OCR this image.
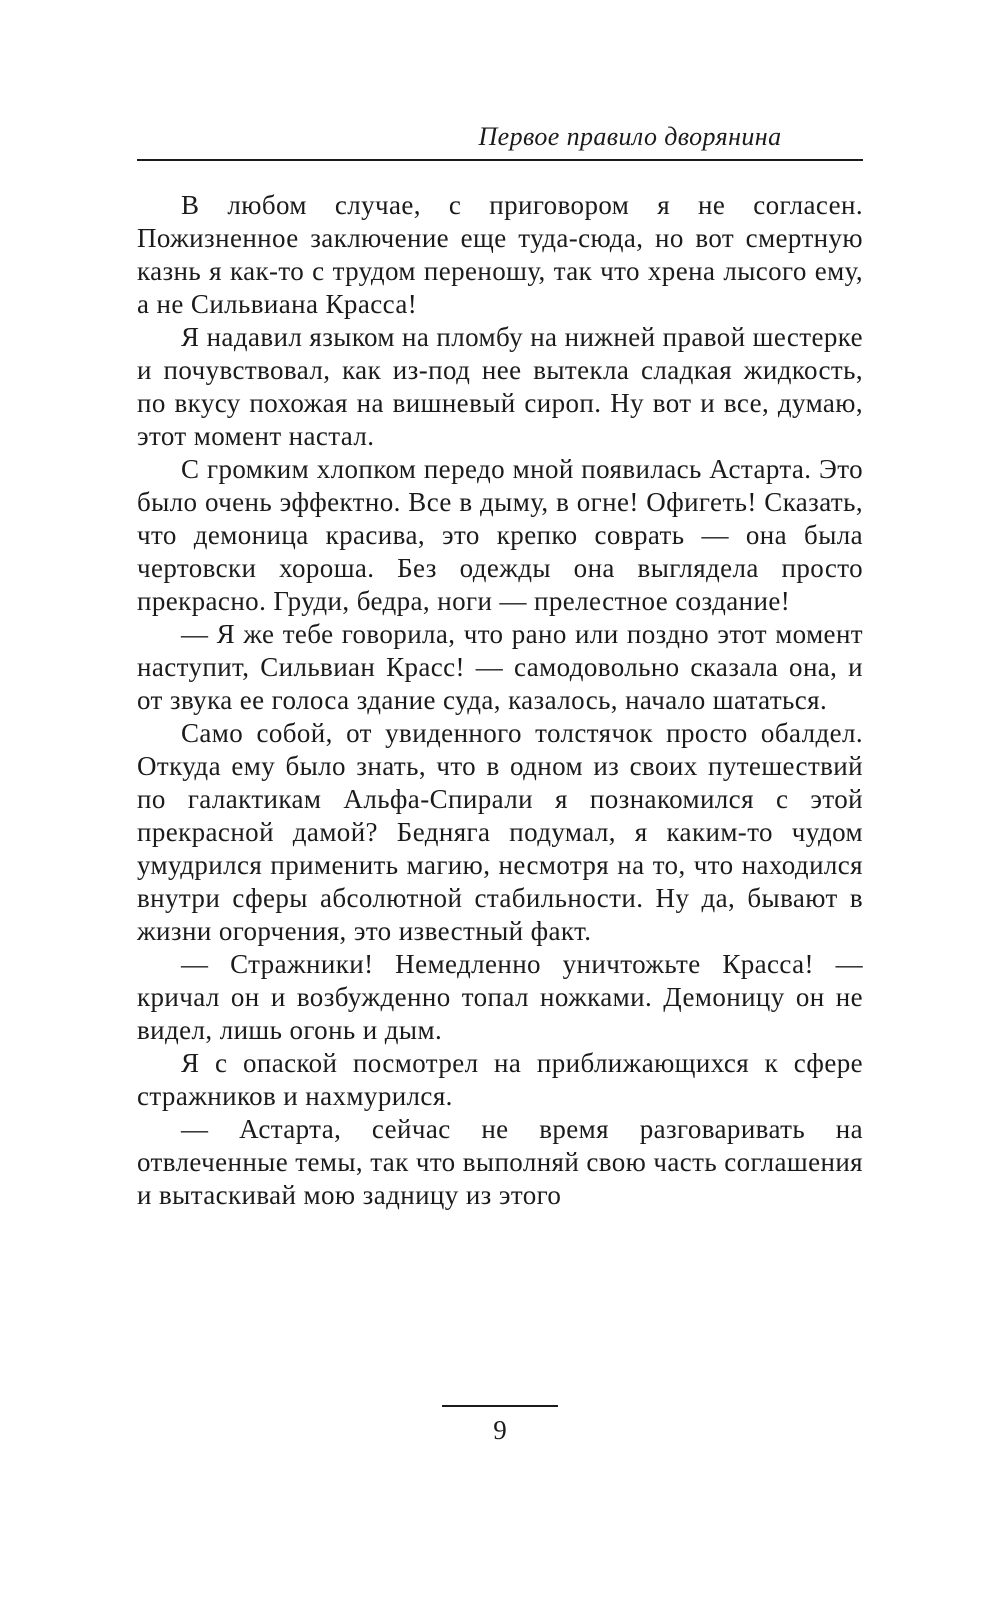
Первое правило дворянина

В любом случае, с приговором я не согласен. Пожизненное заключение еще туда-сюда, но вот смертную казнь я как-то с трудом переношу, так что хрена лысого ему, а не Сильвиана Красса!

Я надавил языком на пломбу на нижней правой шестерке и почувствовал, как из-под нее вытекла сладкая жидкость, по вкусу похожая на вишневый сироп. Ну вот и все, думаю, этот момент настал.

С громким хлопком передо мной появилась Астарта. Это было очень эффектно. Все в дыму, в огне! Офигеть! Сказать, что демоница красива, это крепко соврать — она была чертовски хороша. Без одежды она выглядела просто прекрасно. Груди, бедра, ноги — прелестное создание!

— Я же тебе говорила, что рано или поздно этот момент наступит, Сильвиан Красс! — самодовольно сказала она, и от звука ее голоса здание суда, казалось, начало шататься.

Само собой, от увиденного толстячок просто обалдел. Откуда ему было знать, что в одном из своих путешествий по галактикам Альфа-Спирали я познакомился с этой прекрасной дамой? Бедняга подумал, я каким-то чудом умудрился применить магию, несмотря на то, что находился внутри сферы абсолютной стабильности. Ну да, бывают в жизни огорчения, это известный факт.

— Стражники! Немедленно уничтожьте Красса! — кричал он и возбужденно топал ножками. Демоницу он не видел, лишь огонь и дым.

Я с опаской посмотрел на приближающихся к сфере стражников и нахмурился.

— Астарта, сейчас не время разговаривать на отвлеченные темы, так что выполняй свою часть соглашения и вытаскивай мою задницу из этого

9
